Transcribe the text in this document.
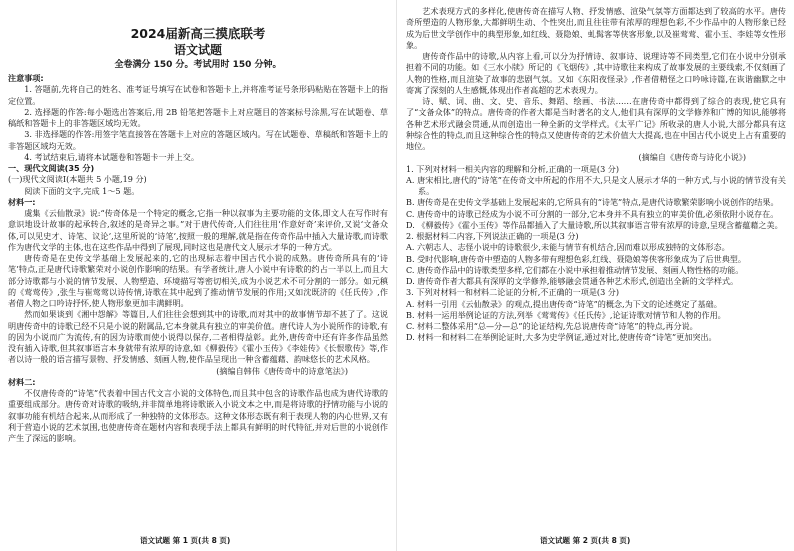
2024届新高三摸底联考
语文试题
全卷满分 150 分。考试用时 150 分钟。

注意事项:

1. 答题前,先将自己的姓名、准考证号填写在试卷和答题卡上,并将准考证号条形码粘贴在答题卡上的指定位置。

2. 选择题的作答:每小题选出答案后,用 2B 铅笔把答题卡上对应题目的答案标号涂黑,写在试题卷、草稿纸和答题卡上的非答题区域均无效。

3. 非选择题的作答:用签字笔直接答在答题卡上对应的答题区域内。写在试题卷、草稿纸和答题卡上的非答题区域均无效。

4. 考试结束后,请将本试题卷和答题卡一并上交。

一、现代文阅读(35 分)

(一)现代文阅读Ⅰ(本题共 5 小题,19 分)

阅读下面的文字,完成 1～5 题。

材料一:

虞集《云仙散录》说:“传奇体是一个特定的概念,它指一种以叙事为主要功能的文体,即文人在写作时有意识地设计故事的起承转合,叙述的是奇异之事。”对于唐代传奇,人们往往用‘作意好奇’来评价,又说‘文备众体,可以见史才、诗笔、议论’,这里所说的‘诗笔’,按照一般的理解,就是指在传奇作品中插入大量诗歌,而诗歌作为唐代文学的主体,也在这些作品中得到了展现,同时这也是唐代文人展示才华的一种方式。

唐传奇是在史传文学基础上发展起来的,它的出现标志着中国古代小说的成熟。唐传奇所具有的‘诗笔’特点,正是唐代诗歌繁荣对小说创作影响的结果。有学者统计,唐人小说中有诗歌的约占一半以上,而且大部分诗歌都与小说的情节发展、人物塑造、环境描写等密切相关,成为小说艺术不可分割的一部分。如元稹的《莺莺传》,张生与崔莺莺以诗传情,诗歌在其中起到了推动情节发展的作用;又如沈既济的《任氏传》,作者借人物之口吟诗抒怀,使人物形象更加丰满鲜明。

然而如果谈到《湘中怨解》等篇目,人们往往会想到其中的诗歌,而对其中的故事情节却不甚了了。这说明唐传奇中的诗歌已经不只是小说的附属品,它本身就具有独立的审美价值。唐代诗人为小说所作的诗歌,有的因为小说而广为流传,有的因为诗歌而使小说得以保存,二者相得益彰。此外,唐传奇中还有许多作品虽然没有插入诗歌,但其叙事语言本身就带有浓厚的诗意,如《柳毅传》《霍小玉传》《李娃传》《长恨歌传》等,作者以诗一般的语言描写景物、抒发情感、刻画人物,使作品呈现出一种含蓄蕴藉、韵味悠长的艺术风格。

(摘编自韩伟《唐传奇中的诗意笔法》)

材料二:

不仅唐传奇的“诗笔”代表着中国古代文言小说的文体特色,而且其中包含的诗歌作品也成为唐代诗歌的重要组成部分。唐传奇对诗歌的吸纳,并非简单地将诗歌嵌入小说文本之中,而是将诗歌的抒情功能与小说的叙事功能有机结合起来,从而形成了一种独特的文体形态。这种文体形态既有利于表现人物的内心世界,又有利于营造小说的艺术氛围,也使唐传奇在题材内容和表现手法上都具有鲜明的时代特征,并对后世的小说创作产生了深远的影响。

艺术表现方式的多样化,使唐传奇在描写人物、抒发情感、渲染气氛等方面都达到了较高的水平。唐传奇所塑造的人物形象,大都鲜明生动、个性突出,而且往往带有浓厚的理想色彩,不少作品中的人物形象已经成为后世文学创作中的典型形象,如红线、聂隐娘、虬髯客等侠客形象,以及崔莺莺、霍小玉、李娃等女性形象。

唐传奇作品中的诗歌,从内容上看,可以分为抒情诗、叙事诗、说理诗等不同类型,它们在小说中分别承担着不同的功能。如《三水小牍》所记的《飞烟传》,其中诗歌往来构成了故事发展的主要线索,不仅刻画了人物的性格,而且渲染了故事的悲剧气氛。又如《东阳夜怪录》,作者借精怪之口吟咏诗篇,在诙谐幽默之中寄寓了深刻的人生感慨,体现出作者高超的艺术表现力。

诗、赋、词、曲、文、史、音乐、舞蹈、绘画、书法……在唐传奇中都得到了综合的表现,使它具有了“文备众体”的特点。唐传奇的作者大都是当时著名的文人,他们具有深厚的文学修养和广博的知识,能够将各种艺术形式融会贯通,从而创造出一种全新的文学样式。《太平广记》所收录的唐人小说,大部分都具有这种综合性的特点,而且这种综合性的特点又使唐传奇的艺术价值大大提高,也在中国古代小说史上占有重要的地位。

(摘编自《唐传奇与诗化小说》)

1. 下列对材料一相关内容的理解和分析,正确的一项是(3 分)

A. 唐宋相比,唐代的“诗笔”在传奇文中所起的作用不大,只是文人展示才华的一种方式,与小说的情节没有关系。

B. 唐传奇是在史传文学基础上发展起来的,它所具有的“诗笔”特点,是唐代诗歌繁荣影响小说创作的结果。

C. 唐传奇中的诗歌已经成为小说不可分割的一部分,它本身并不具有独立的审美价值,必须依附小说存在。

D. 《柳毅传》《霍小玉传》等作品都插入了大量诗歌,所以其叙事语言带有浓厚的诗意,呈现含蓄蕴藉之美。

2. 根据材料二内容,下列说法正确的一项是(3 分)

A. 六朝志人、志怪小说中的诗歌很少,未能与情节有机结合,因而难以形成独特的文体形态。

B. 受时代影响,唐传奇中塑造的人物多带有理想色彩,红线、聂隐娘等侠客形象成为了后世典型。

C. 唐传奇作品中的诗歌类型多样,它们都在小说中承担着推动情节发展、刻画人物性格的功能。

D. 唐传奇作者大都具有深厚的文学修养,能够融会贯通各种艺术形式,创造出全新的文学样式。

3. 下列对材料一和材料二论证的分析,不正确的一项是(3 分)

A. 材料一引用《云仙散录》的观点,提出唐传奇“诗笔”的概念,为下文的论述奠定了基础。

B. 材料一运用举例论证的方法,列举《莺莺传》《任氏传》,论证诗歌对情节和人物的作用。

C. 材料二整体采用“总—分—总”的论证结构,先总说唐传奇“诗笔”的特点,再分说。

D. 材料一和材料二在举例论证时,大多为史学例证,通过对比,使唐传奇“诗笔”更加突出。

语文试题 第 1 页(共 8 页)	语文试题 第 2 页(共 8 页)
